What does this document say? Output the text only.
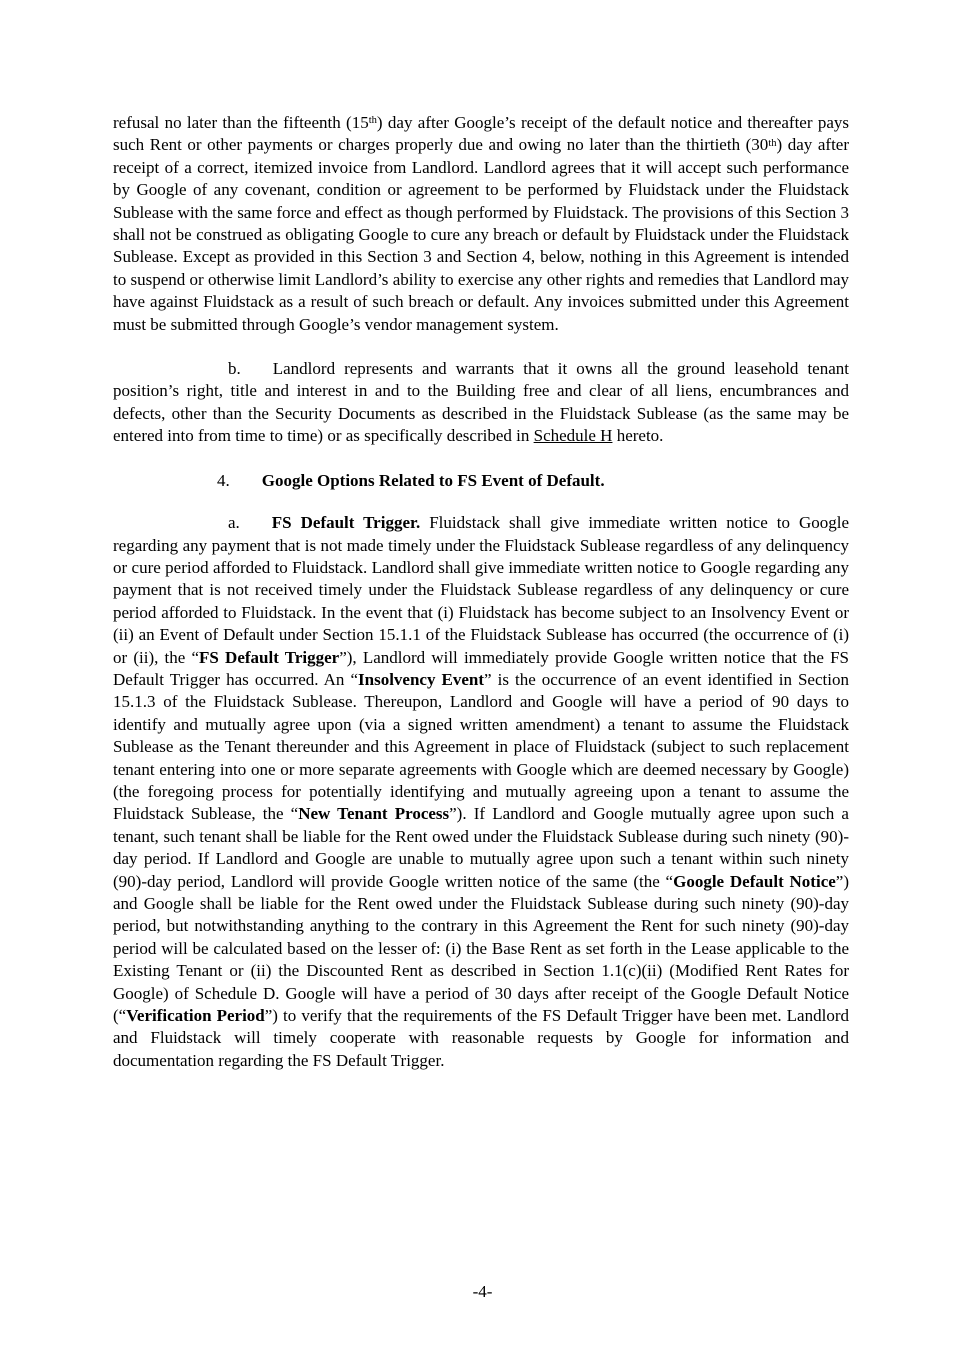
refusal no later than the fifteenth (15th) day after Google’s receipt of the default notice and thereafter pays such Rent or other payments or charges properly due and owing no later than the thirtieth (30th) day after receipt of a correct, itemized invoice from Landlord. Landlord agrees that it will accept such performance by Google of any covenant, condition or agreement to be performed by Fluidstack under the Fluidstack Sublease with the same force and effect as though performed by Fluidstack. The provisions of this Section 3 shall not be construed as obligating Google to cure any breach or default by Fluidstack under the Fluidstack Sublease. Except as provided in this Section 3 and Section 4, below, nothing in this Agreement is intended to suspend or otherwise limit Landlord’s ability to exercise any other rights and remedies that Landlord may have against Fluidstack as a result of such breach or default. Any invoices submitted under this Agreement must be submitted through Google’s vendor management system.

b. Landlord represents and warrants that it owns all the ground leasehold tenant position’s right, title and interest in and to the Building free and clear of all liens, encumbrances and defects, other than the Security Documents as described in the Fluidstack Sublease (as the same may be entered into from time to time) or as specifically described in Schedule H hereto.

4. Google Options Related to FS Event of Default.

a. FS Default Trigger. Fluidstack shall give immediate written notice to Google regarding any payment that is not made timely under the Fluidstack Sublease regardless of any delinquency or cure period afforded to Fluidstack. Landlord shall give immediate written notice to Google regarding any payment that is not received timely under the Fluidstack Sublease regardless of any delinquency or cure period afforded to Fluidstack. In the event that (i) Fluidstack has become subject to an Insolvency Event or (ii) an Event of Default under Section 15.1.1 of the Fluidstack Sublease has occurred (the occurrence of (i) or (ii), the “FS Default Trigger”), Landlord will immediately provide Google written notice that the FS Default Trigger has occurred. An “Insolvency Event” is the occurrence of an event identified in Section 15.1.3 of the Fluidstack Sublease. Thereupon, Landlord and Google will have a period of 90 days to identify and mutually agree upon (via a signed written amendment) a tenant to assume the Fluidstack Sublease as the Tenant thereunder and this Agreement in place of Fluidstack (subject to such replacement tenant entering into one or more separate agreements with Google which are deemed necessary by Google) (the foregoing process for potentially identifying and mutually agreeing upon a tenant to assume the Fluidstack Sublease, the “New Tenant Process”). If Landlord and Google mutually agree upon such a tenant, such tenant shall be liable for the Rent owed under the Fluidstack Sublease during such ninety (90)-day period. If Landlord and Google are unable to mutually agree upon such a tenant within such ninety (90)-day period, Landlord will provide Google written notice of the same (the “Google Default Notice”) and Google shall be liable for the Rent owed under the Fluidstack Sublease during such ninety (90)-day period, but notwithstanding anything to the contrary in this Agreement the Rent for such ninety (90)-day period will be calculated based on the lesser of: (i) the Base Rent as set forth in the Lease applicable to the Existing Tenant or (ii) the Discounted Rent as described in Section 1.1(c)(ii) (Modified Rent Rates for Google) of Schedule D. Google will have a period of 30 days after receipt of the Google Default Notice (“Verification Period”) to verify that the requirements of the FS Default Trigger have been met. Landlord and Fluidstack will timely cooperate with reasonable requests by Google for information and documentation regarding the FS Default Trigger.

-4-
